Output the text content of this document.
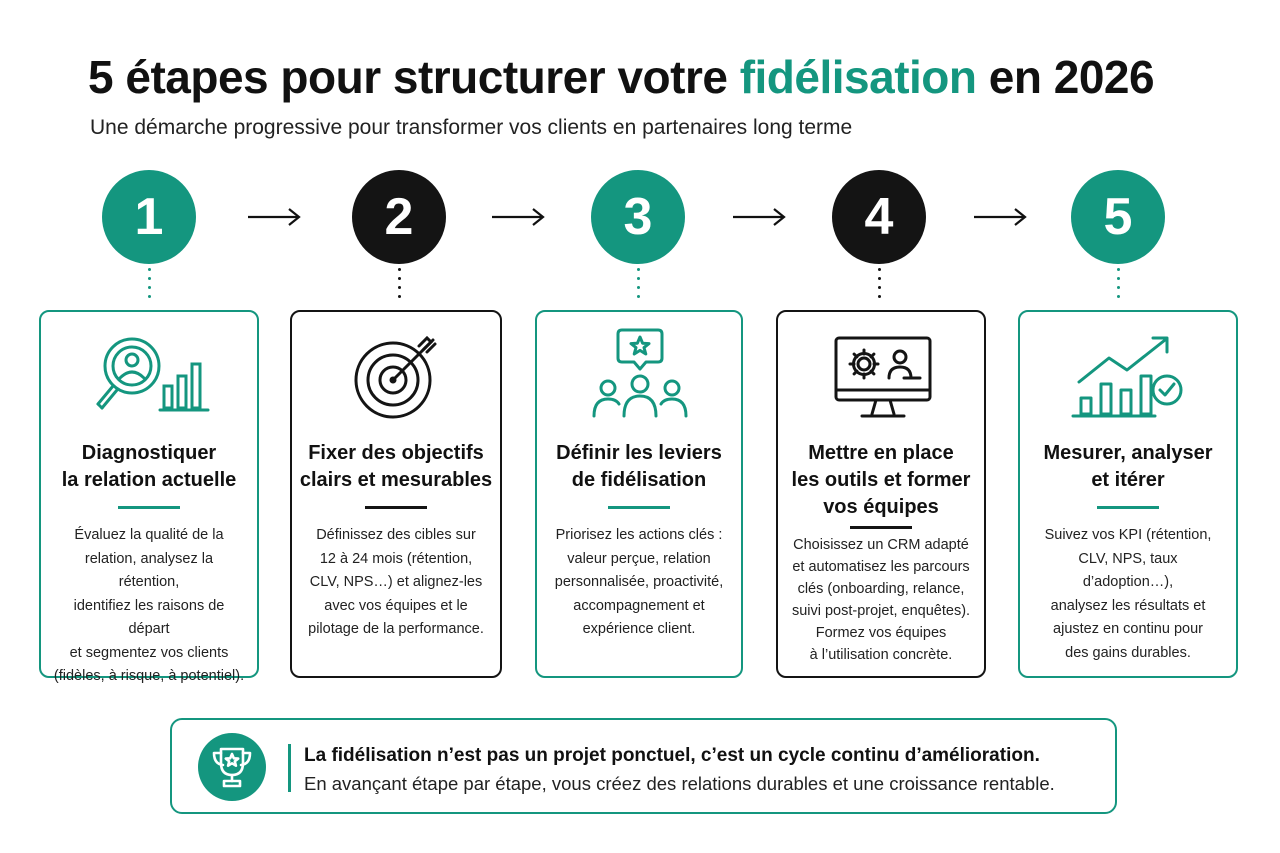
5 étapes pour structurer votre fidélisation en 2026
Une démarche progressive pour transformer vos clients en partenaires long terme
1	2	3	4	5
Diagnostiquer
la relation actuelle
Évaluez la qualité de la
relation, analysez la rétention,
identifiez les raisons de départ
et segmentez vos clients
(fidèles, à risque, à potentiel).
Fixer des objectifs
clairs et mesurables
Définissez des cibles sur
12 à 24 mois (rétention,
CLV, NPS…) et alignez-les
avec vos équipes et le
pilotage de la performance.
Définir les leviers
de fidélisation
Priorisez les actions clés :
valeur perçue, relation
personnalisée, proactivité,
accompagnement et
expérience client.
Mettre en place
les outils et former
vos équipes
Choisissez un CRM adapté
et automatisez les parcours
clés (onboarding, relance,
suivi post-projet, enquêtes).
Formez vos équipes
à l’utilisation concrète.
Mesurer, analyser
et itérer
Suivez vos KPI (rétention,
CLV, NPS, taux d’adoption…),
analysez les résultats et
ajustez en continu pour
des gains durables.
La fidélisation n’est pas un projet ponctuel, c’est un cycle continu d’amélioration.
En avançant étape par étape, vous créez des relations durables et une croissance rentable.
